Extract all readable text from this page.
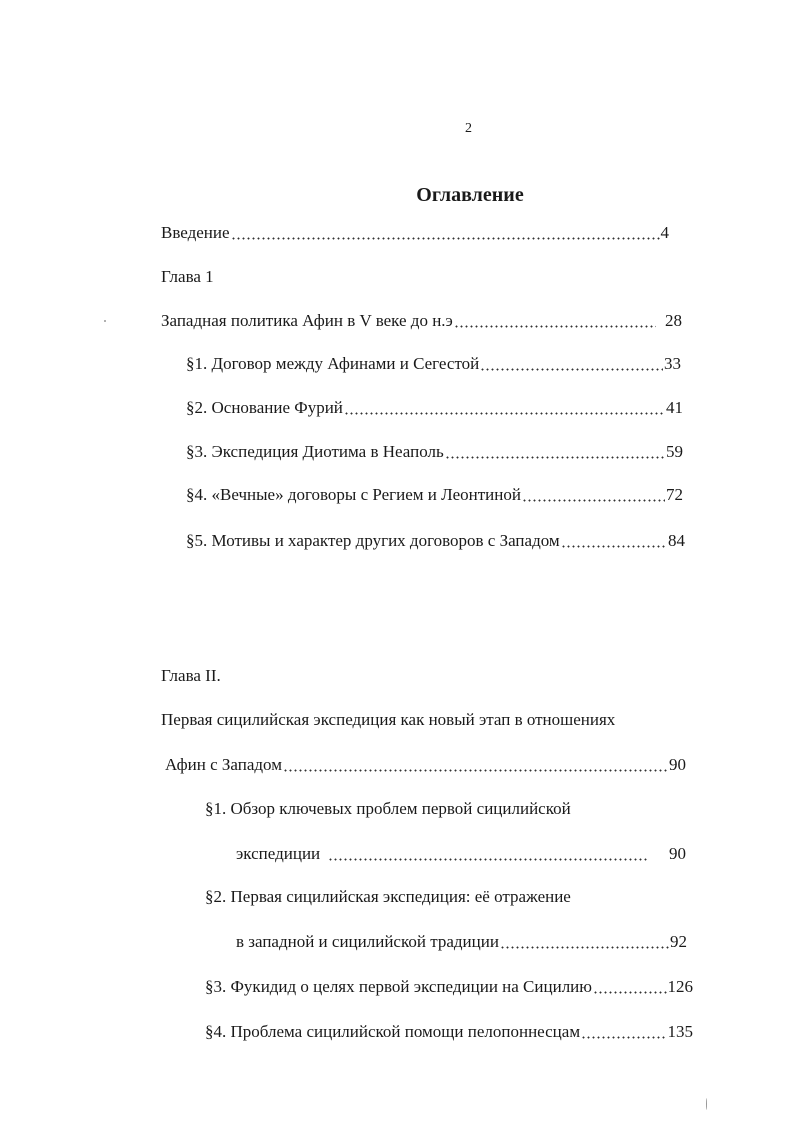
2
Оглавление
Введение	4
Глава 1
Западная политика Афин в V веке до н.э	28
§1. Договор между Афинами и Сегестой	33
§2. Основание Фурий	41
§3. Экспедиция Диотима в Неаполь	59
§4. «Вечные» договоры с Регием и Леонтиной	72
§5. Мотивы и характер других договоров с Западом	84
Глава II.
Первая сицилийская экспедиция как новый этап в отношениях
Афин с Западом	90
§1. Обзор ключевых проблем первой сицилийской
экспедиции	90
§2. Первая сицилийская экспедиция: её отражение
в западной и сицилийской традиции	92
§3. Фукидид о целях первой экспедиции на Сицилию	126
§4. Проблема сицилийской помощи пелопоннесцам	135
